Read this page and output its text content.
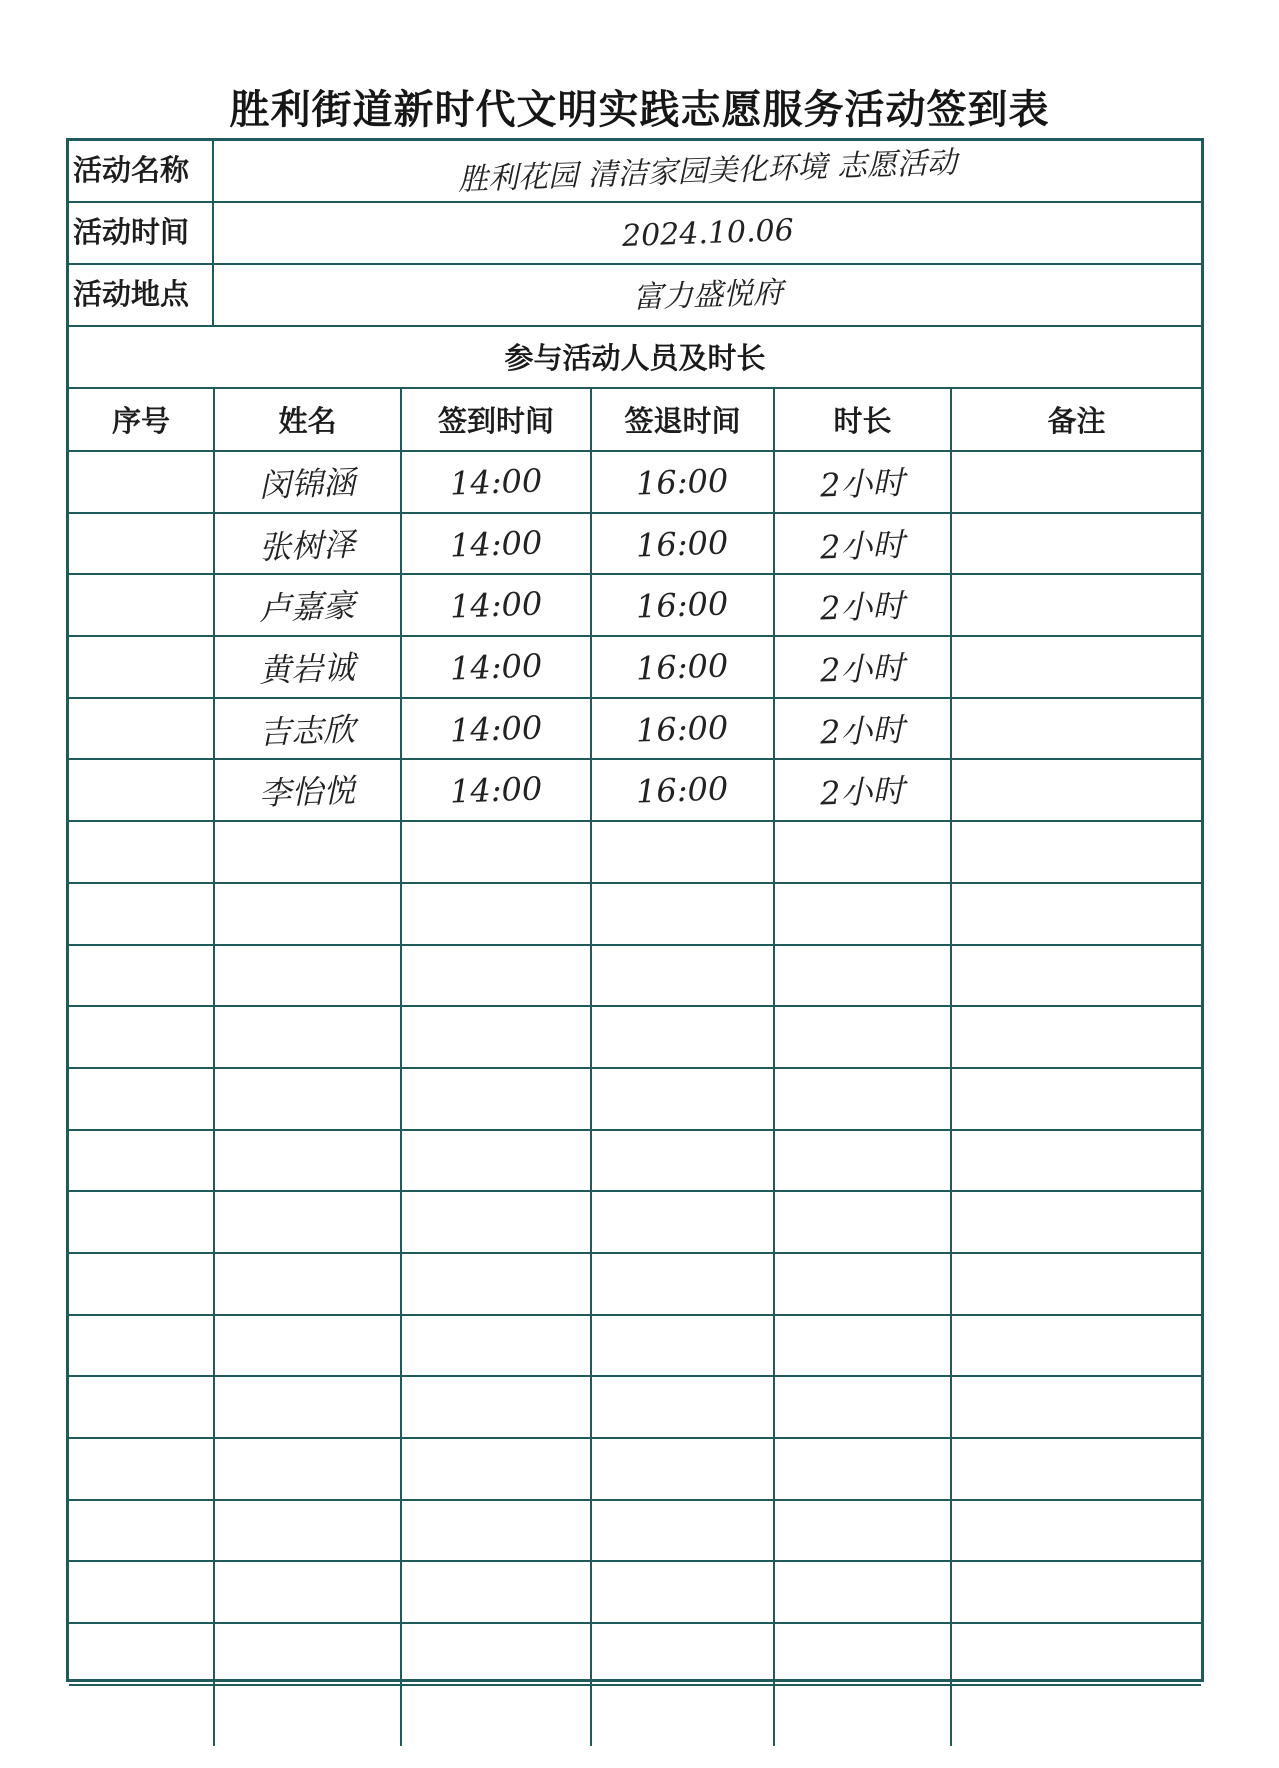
胜利街道新时代文明实践志愿服务活动签到表
活动名称	胜利花园 清洁家园美化环境 志愿活动
活动时间	2024.10.06
活动地点	富力盛悦府
参与活动人员及时长
序号	姓名	签到时间	签退时间	时长	备注
	闵锦涵	14:00	16:00	2小时	
	张树泽	14:00	16:00	2小时	
	卢嘉豪	14:00	16:00	2小时	
	黄岩诚	14:00	16:00	2小时	
	吉志欣	14:00	16:00	2小时	
	李怡悦	14:00	16:00	2小时	
